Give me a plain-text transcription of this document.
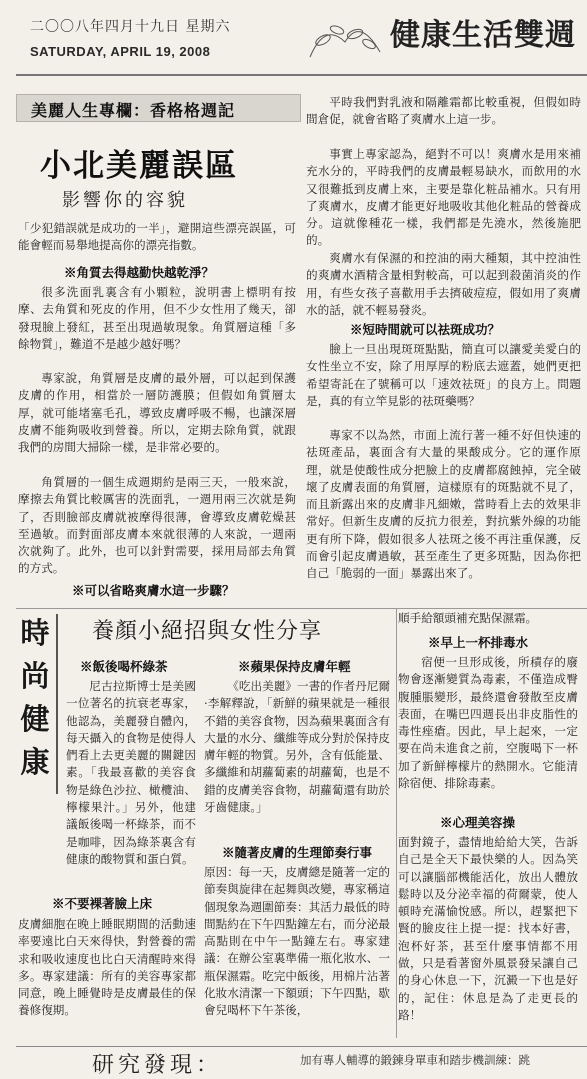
二〇〇八年四月十九日 星期六
SATURDAY, APRIL 19, 2008	健康生活雙週
美麗人生專欄：香格格週記
小北美麗誤區
影響你的容貌
「少犯錯誤就是成功的一半」，避開這些漂亮誤區，可能會輕而易舉地提高你的漂亮指數。
※角質去得越勤快越乾淨？
很多洗面乳裏含有小顆粒，說明書上標明有按摩、去角質和死皮的作用，但不少女性用了幾天，卻發現臉上發紅，甚至出現過敏現象。角質層這種「多餘物質」，難道不是越少越好嗎？
專家說，角質層是皮膚的最外層，可以起到保護皮膚的作用，相當於一層防護膜；但假如角質層太厚，就可能堵塞毛孔，導致皮膚呼吸不暢，也讓深層皮膚不能夠吸收到營養。所以，定期去除角質，就跟我們的房間大掃除一樣，是非常必要的。
角質層的一個生成週期約是兩三天，一般來說，摩擦去角質比較厲害的洗面乳，一週用兩三次就是夠了，否則臉部皮膚就被摩得很薄，會導致皮膚乾燥甚至過敏。而對面部皮膚本來就很薄的人來說，一週兩次就夠了。此外，也可以針對需要，採用局部去角質的方式。
※可以省略爽膚水這一步驟？
平時我們對乳液和隔離霜都比較重視，但假如時間倉促，就會省略了爽膚水上這一步。
事實上專家認為，絕對不可以！爽膚水是用來補充水分的，平時我們的皮膚最輕易缺水，而飲用的水又很難抵到皮膚上來，主要是靠化粧品補水。只有用了爽膚水，皮膚才能更好地吸收其他化粧品的營養成分。這就像種花一樣，我們都是先澆水，然後施肥的。
爽膚水有保濕的和控油的兩大種類，其中控油性的爽膚水酒精含量相對較高，可以起到殺菌消炎的作用，有些女孩子喜歡用手去擠破痘痘，假如用了爽膚水的話，就不輕易發炎。
※短時間就可以祛斑成功？
臉上一旦出現斑斑點點，簡直可以讓愛美愛白的女性坐立不安，除了用厚厚的粉底去遮蓋，她們更把希望寄託在了號稱可以「速效祛斑」的良方上。問題是，真的有立竿見影的祛斑藥嗎？
專家不以為然，市面上流行著一種不好但快速的祛斑產品，裏面含有大量的果酸成分。它的運作原理，就是使酸性成分把臉上的皮膚都腐蝕掉，完全破壞了皮膚表面的角質層，這樣原有的斑點就不見了，而且新露出來的皮膚非凡細嫩，當時看上去的效果非常好。但新生皮膚的反抗力很差，對抗紫外線的功能更有所下降，假如很多人祛斑之後不再注重保護，反而會引起皮膚過敏，甚至產生了更多斑點，因為你把自己「脆弱的一面」暴露出來了。
時
尚
健
康
養顏小絕招與女性分享
※飯後喝杯綠茶
尼古拉斯博士是美國一位著名的抗衰老專家，他認為，美麗發自體內，每天攝入的食物是使得人們看上去更美麗的關鍵因素。「我最喜歡的美容食物是綠色沙拉、橄欖油、檸檬果汁。」另外，他建議飯後喝一杯綠茶，而不是咖啡，因為綠茶裏含有健康的酸物質和蛋白質。
※不要裸著臉上床
皮膚細胞在晚上睡眠期間的活動速率要遠比白天來得快，對營養的需求和吸收速度也比白天清醒時來得多。專家建議：所有的美容專家都同意，晚上睡覺時是皮膚最佳的保養修復期。
※蘋果保持皮膚年輕
《吃出美麗》一書的作者丹尼爾·李解釋說，「新鮮的蘋果就是一種很不錯的美容食物，因為蘋果裏面含有大量的水分、纖維等成分對於保持皮膚年輕的物質。另外，含有低能量、多纖維和胡蘿蔔素的胡蘿蔔，也是不錯的皮膚美容食物，胡蘿蔔還有助於牙齒健康。」
※隨著皮膚的生理節奏行事
原因：每一天，皮膚總是隨著一定的節奏與旋律在起舞與改變，專家稱這個現象為週圍節奏：其活力最低的時間點約在下午四點鐘左右，而分泌最高點則在中午一點鐘左右。專家建議：在辦公室裏準備一瓶化妝水、一瓶保濕霜。吃完中飯後，用棉片沾著化妝水清潔一下額頭；下午四點，歇會兒喝杯下午茶後，
順手給額頭補充點保濕霜。
※早上一杯排毒水
宿便一旦形成後，所積存的廢物會逐漸變質為毒素，不僅造成臀腹腫脹變形，最終還會發散至皮膚表面，在嘴巴四週長出非皮脂性的毒性痤瘡。因此，早上起來，一定要在尚未進食之前，空腹喝下一杯加了新鮮檸檬片的熱開水。它能清除宿便、排除毒素。
※心理美容操
面對鏡子，盡情地給給大笑，告訴自己是全天下最快樂的人。因為笑可以讓腦部機能活化，放出人體放鬆時以及分泌幸福的荷爾蒙，使人頓時充滿愉悅感。所以，趕緊把下賢的臉皮往上提一提：找本好書，泡杯好茶，甚至什麼事情都不用做，只是看著窗外風景發呆讓自己的身心休息一下，沉澱一下也是好的，記住：休息是為了走更長的路！
研究發現：	加有專人輔導的鍛鍊身單車和踏步機訓練：跳
